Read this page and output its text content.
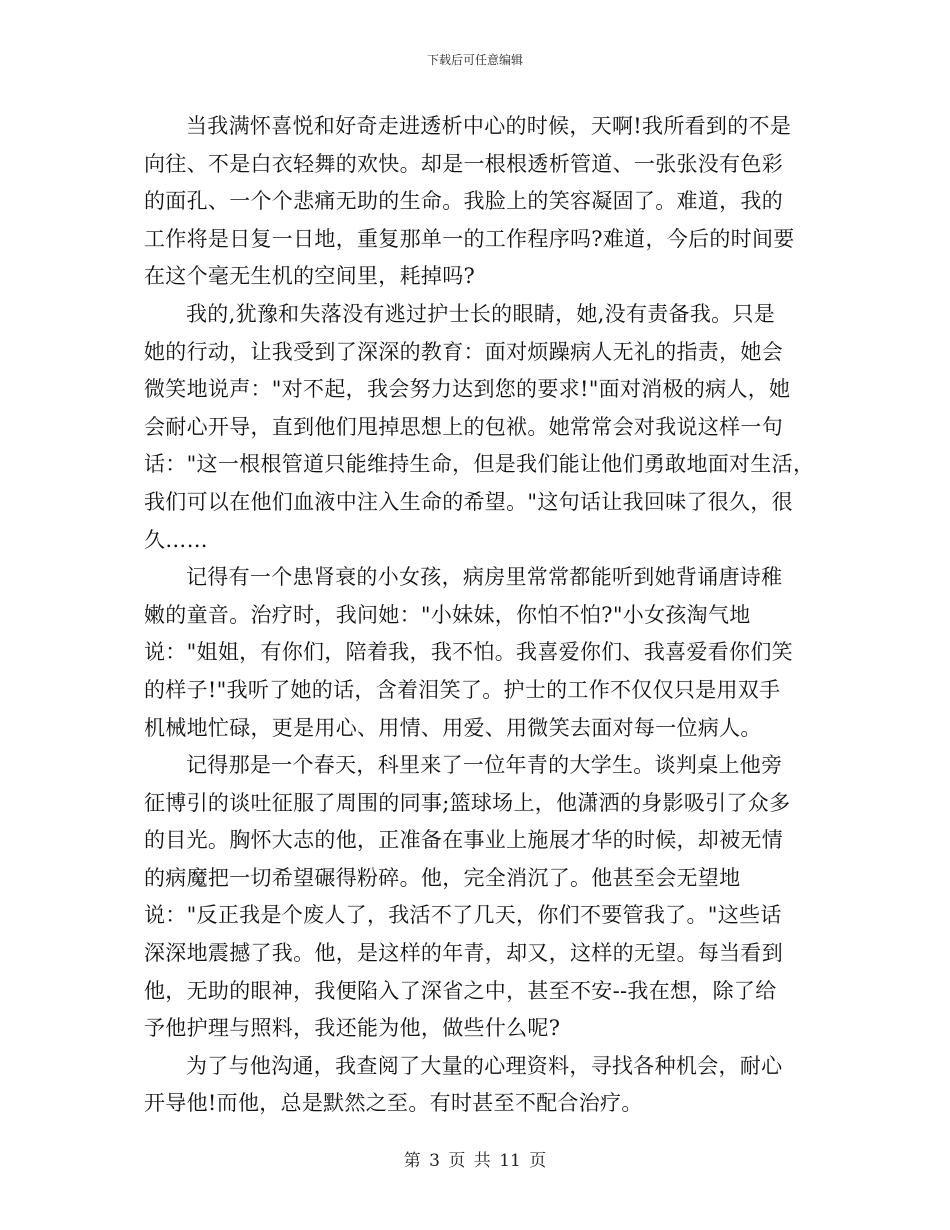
下载后可任意编辑
当我满怀喜悦和好奇走进透析中心的时候，天啊!我所看到的不是
向往、不是白衣轻舞的欢快。却是一根根透析管道、一张张没有色彩
的面孔、一个个悲痛无助的生命。我脸上的笑容凝固了。难道，我的
工作将是日复一日地，重复那单一的工作程序吗?难道，今后的时间要
在这个毫无生机的空间里，耗掉吗?
我的,犹豫和失落没有逃过护士长的眼睛，她,没有责备我。只是
她的行动，让我受到了深深的教育：面对烦躁病人无礼的指责，她会
微笑地说声："对不起，我会努力达到您的要求!"面对消极的病人，她
会耐心开导，直到他们甩掉思想上的包袱。她常常会对我说这样一句
话："这一根根管道只能维持生命，但是我们能让他们勇敢地面对生活，
我们可以在他们血液中注入生命的希望。"这句话让我回味了很久，很
久……
记得有一个患肾衰的小女孩，病房里常常都能听到她背诵唐诗稚
嫩的童音。治疗时，我问她："小妹妹，你怕不怕?"小女孩淘气地
说："姐姐，有你们，陪着我，我不怕。我喜爱你们、我喜爱看你们笑
的样子!"我听了她的话，含着泪笑了。护士的工作不仅仅只是用双手
机械地忙碌，更是用心、用情、用爱、用微笑去面对每一位病人。
记得那是一个春天，科里来了一位年青的大学生。谈判桌上他旁
征博引的谈吐征服了周围的同事;篮球场上，他潇洒的身影吸引了众多
的目光。胸怀大志的他，正准备在事业上施展才华的时候，却被无情
的病魔把一切希望碾得粉碎。他，完全消沉了。他甚至会无望地
说："反正我是个废人了，我活不了几天，你们不要管我了。"这些话
深深地震撼了我。他，是这样的年青，却又，这样的无望。每当看到
他，无助的眼神，我便陷入了深省之中，甚至不安--我在想，除了给
予他护理与照料，我还能为他，做些什么呢?
为了与他沟通，我查阅了大量的心理资料，寻找各种机会，耐心
开导他!而他，总是默然之至。有时甚至不配合治疗。
第 3 页 共 11 页
